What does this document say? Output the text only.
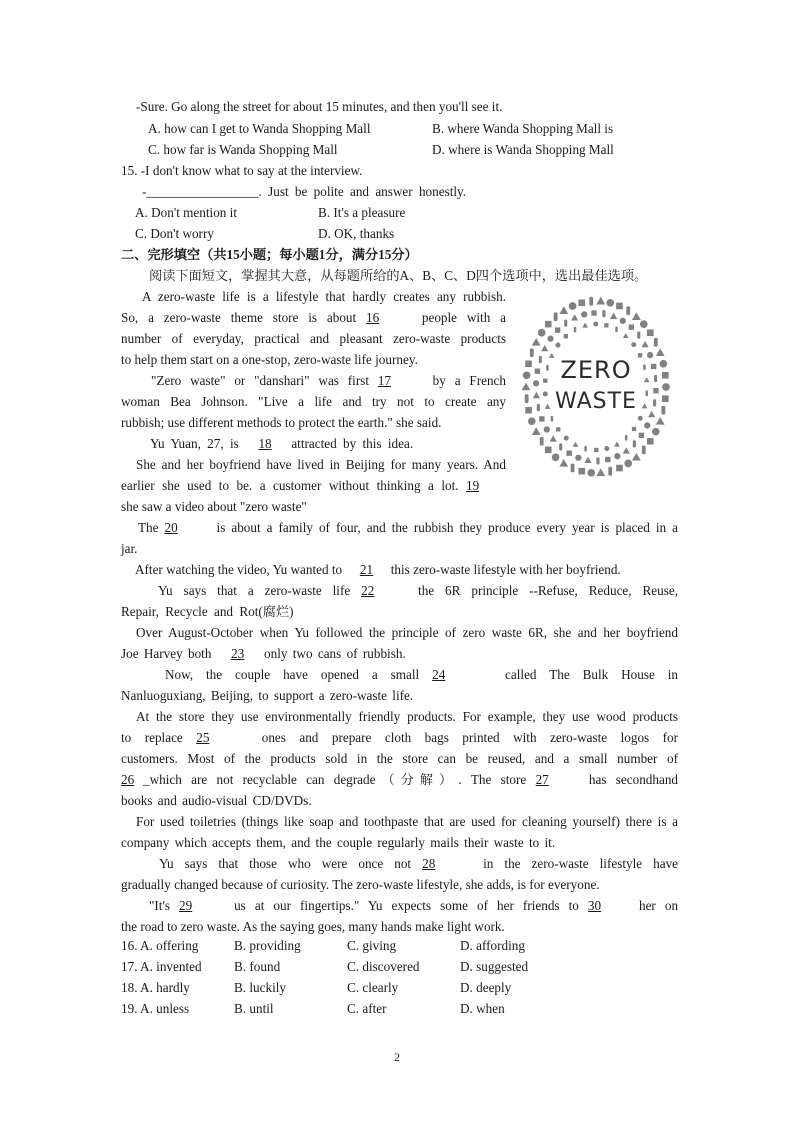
-Sure. Go along the street for about 15 minutes, and then you'll see it.
A. how can I get to Wanda Shopping Mall	B. where Wanda Shopping Mall is
C. how far is Wanda Shopping Mall	D. where is Wanda Shopping Mall
15. -I don't know what to say at the interview.
-_________________. Just be polite and answer honestly.
A. Don't mention it	B. It's a pleasure
C. Don't worry	D. OK, thanks
二、完形填空（共15小题；每小题1分，满分15分）
阅读下面短文，掌握其大意，从每题所给的A、B、C、D四个选项中，选出最佳选项。
A zero-waste life is a lifestyle that hardly creates any rubbish.
So, a zero-waste theme store is about 16	people with a
number of everyday, practical and pleasant zero-waste products
to help them start on a one-stop, zero-waste life journey.
"Zero waste" or "danshari" was first 17	by a French
woman Bea Johnson. "Live a life and try not to create any
rubbish; use different methods to protect the earth." she said.
Yu Yuan, 27, is 18 attracted by this idea.
She and her boyfriend have lived in Beijing for many years. And
earlier she used to be. a customer without thinking a lot. 19
she saw a video about "zero waste"
The 20	is about a family of four, and the rubbish they produce every year is placed in a
jar.
After watching the video, Yu wanted to 21 this zero-waste lifestyle with her boyfriend.
Yu says that a zero-waste life 22	the 6R principle --Refuse, Reduce, Reuse,
Repair, Recycle and Rot(腐烂)
Over August-October when Yu followed the principle of zero waste 6R, she and her boyfriend
Joe Harvey both 23 only two cans of rubbish.
Now, the couple have opened a small 24	called The Bulk House in
Nanluoguxiang, Beijing, to support a zero-waste life.
At the store they use environmentally friendly products. For example, they use wood products
to replace 25	ones and prepare cloth bags printed with zero-waste logos for
customers. Most of the products sold in the store can be reused, and a small number of
26 _which are not recyclable can degrade（分解）. The store 27	has secondhand
books and audio-visual CD/DVDs.
For used toiletries (things like soap and toothpaste that are used for cleaning yourself) there is a
company which accepts them, and the couple regularly mails their waste to it.
Yu says that those who were once not 28	in the zero-waste lifestyle have
gradually changed because of curiosity. The zero-waste lifestyle, she adds, is for everyone.
"It's 29	us at our fingertips." Yu expects some of her friends to 30	her on
the road to zero waste. As the saying goes, many hands make light work.
16. A. offering	B. providing	C. giving	D. affording
17. A. invented B. found	C. discovered	D. suggested
18. A. hardly	B. luckily	C. clearly	D. deeply
19. A. unless	B. until	C. after	D. when
ZERO
WASTE
2
